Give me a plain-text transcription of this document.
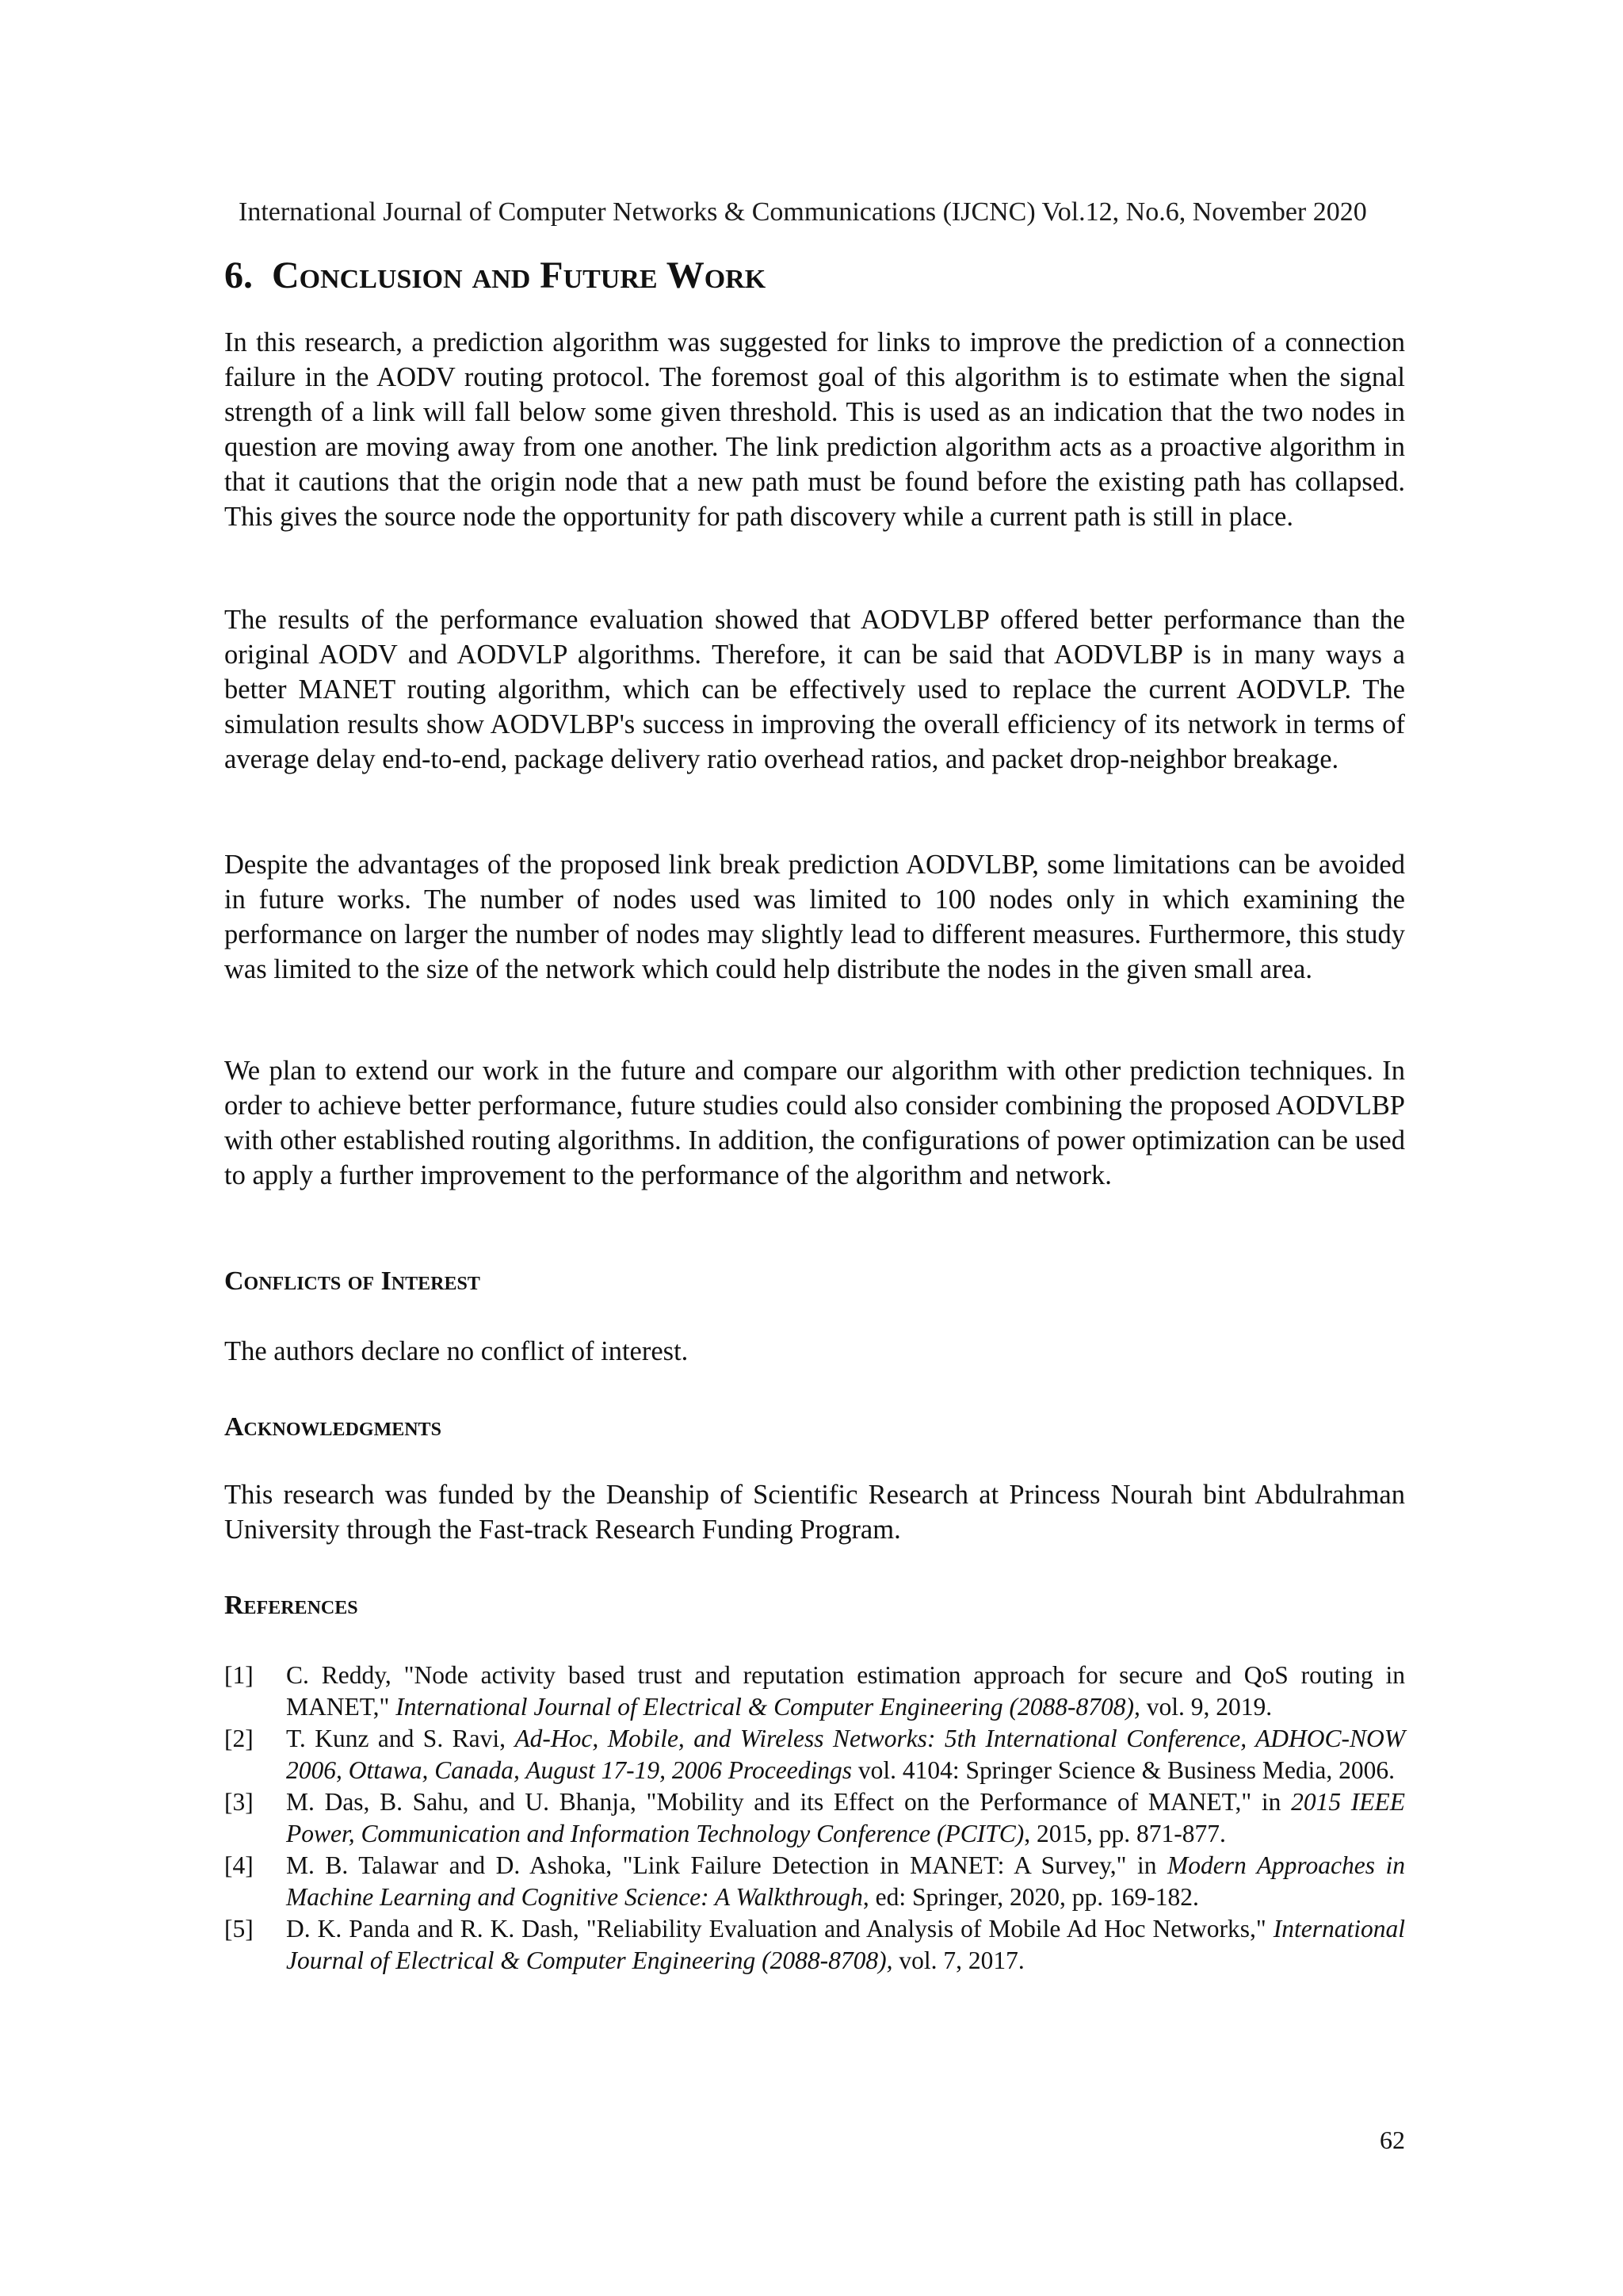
International Journal of Computer Networks & Communications (IJCNC) Vol.12, No.6, November 2020
6. Conclusion and Future Work
In this research, a prediction algorithm was suggested for links to improve the prediction of a connection failure in the AODV routing protocol. The foremost goal of this algorithm is to estimate when the signal strength of a link will fall below some given threshold. This is used as an indication that the two nodes in question are moving away from one another. The link prediction algorithm acts as a proactive algorithm in that it cautions that the origin node that a new path must be found before the existing path has collapsed. This gives the source node the opportunity for path discovery while a current path is still in place.
The results of the performance evaluation showed that AODVLBP offered better performance than the original AODV and AODVLP algorithms. Therefore, it can be said that AODVLBP is in many ways a better MANET routing algorithm, which can be effectively used to replace the current AODVLP. The simulation results show AODVLBP's success in improving the overall efficiency of its network in terms of average delay end-to-end, package delivery ratio overhead ratios, and packet drop-neighbor breakage.
Despite the advantages of the proposed link break prediction AODVLBP, some limitations can be avoided in future works. The number of nodes used was limited to 100 nodes only in which examining the performance on larger the number of nodes may slightly lead to different measures. Furthermore, this study was limited to the size of the network which could help distribute the nodes in the given small area.
We plan to extend our work in the future and compare our algorithm with other prediction techniques. In order to achieve better performance, future studies could also consider combining the proposed AODVLBP with other established routing algorithms. In addition, the configurations of power optimization can be used to apply a further improvement to the performance of the algorithm and network.
Conflicts of Interest
The authors declare no conflict of interest.
Acknowledgments
This research was funded by the Deanship of Scientific Research at Princess Nourah bint Abdulrahman University through the Fast-track Research Funding Program.
References
[1]	C. Reddy, "Node activity based trust and reputation estimation approach for secure and QoS routing in MANET," International Journal of Electrical & Computer Engineering (2088-8708), vol. 9, 2019.
[2]	T. Kunz and S. Ravi, Ad-Hoc, Mobile, and Wireless Networks: 5th International Conference, ADHOC-NOW 2006, Ottawa, Canada, August 17-19, 2006 Proceedings vol. 4104: Springer Science & Business Media, 2006.
[3]	M. Das, B. Sahu, and U. Bhanja, "Mobility and its Effect on the Performance of MANET," in 2015 IEEE Power, Communication and Information Technology Conference (PCITC), 2015, pp. 871-877.
[4]	M. B. Talawar and D. Ashoka, "Link Failure Detection in MANET: A Survey," in Modern Approaches in Machine Learning and Cognitive Science: A Walkthrough, ed: Springer, 2020, pp. 169-182.
[5]	D. K. Panda and R. K. Dash, "Reliability Evaluation and Analysis of Mobile Ad Hoc Networks," International Journal of Electrical & Computer Engineering (2088-8708), vol. 7, 2017.
62
